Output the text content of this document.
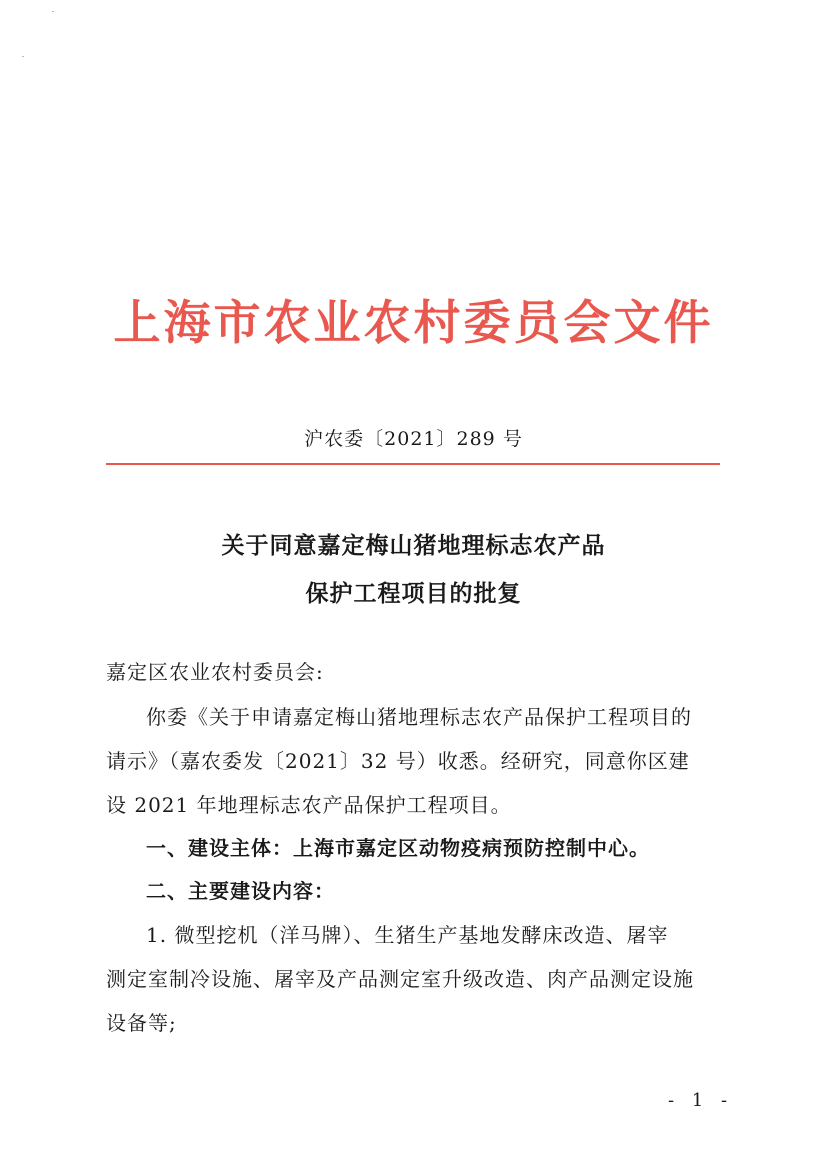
上海市农业农村委员会文件
沪农委〔2021〕289 号
关于同意嘉定梅山猪地理标志农产品
保护工程项目的批复
嘉定区农业农村委员会:
你委《关于申请嘉定梅山猪地理标志农产品保护工程项目的
请示》（嘉农委发〔2021〕32 号）收悉。经研究，同意你区建
设 2021 年地理标志农产品保护工程项目。
一、建设主体：上海市嘉定区动物疫病预防控制中心。
二、主要建设内容：
1. 微型挖机（洋马牌）、生猪生产基地发酵床改造、屠宰
测定室制冷设施、屠宰及产品测定室升级改造、肉产品测定设施
设备等;
- 1 -
